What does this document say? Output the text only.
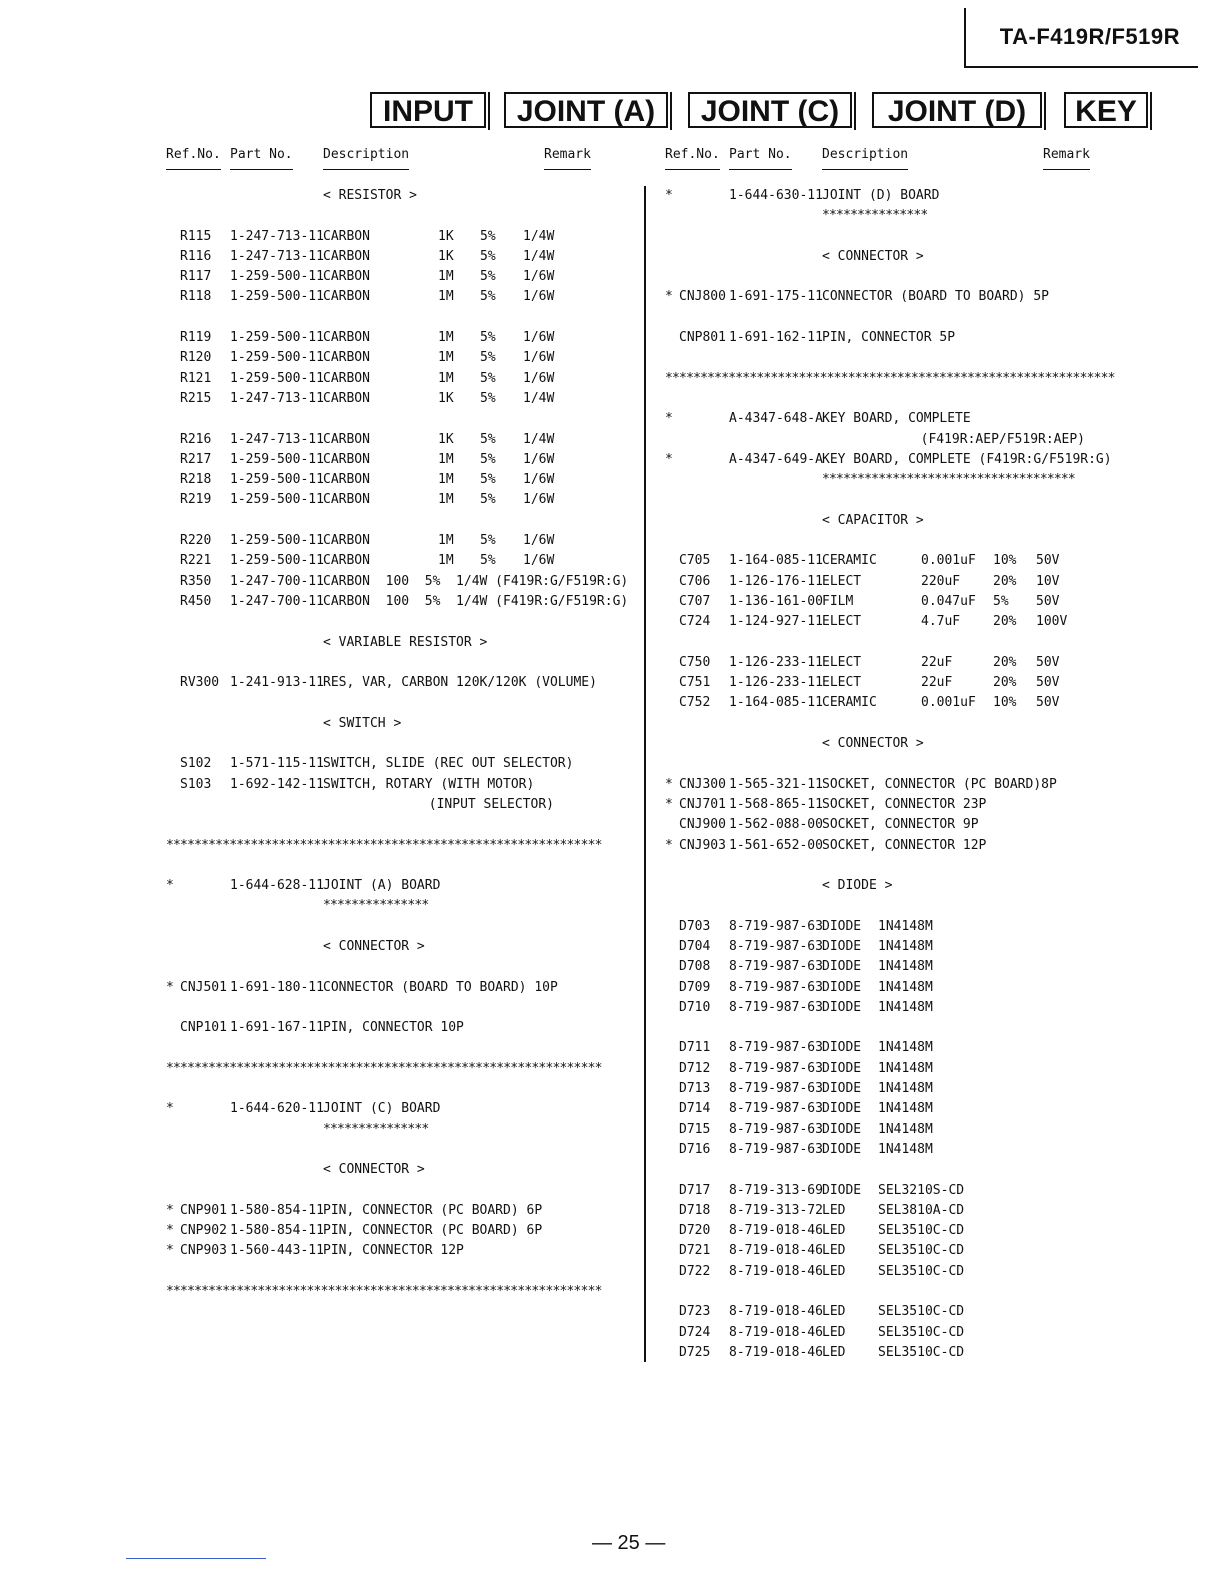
TA-F419R/F519R
INPUT	JOINT (A)	JOINT (C)	JOINT (D)	KEY
Ref.No. Part No. Description	Remark	Ref.No. Part No. Description	Remark
< RESISTOR >
R115 1-247-713-11 CARBON	1K 5% 1/4W
R116 1-247-713-11 CARBON	1K 5% 1/4W
R117 1-259-500-11 CARBON	1M 5% 1/6W
R118 1-259-500-11 CARBON	1M 5% 1/6W
R119 1-259-500-11 CARBON	1M 5% 1/6W
R120 1-259-500-11 CARBON	1M 5% 1/6W
R121 1-259-500-11 CARBON	1M 5% 1/6W
R215 1-247-713-11 CARBON	1K 5% 1/4W
R216 1-247-713-11 CARBON	1K 5% 1/4W
R217 1-259-500-11 CARBON	1M 5% 1/6W
R218 1-259-500-11 CARBON	1M 5% 1/6W
R219 1-259-500-11 CARBON	1M 5% 1/6W
R220 1-259-500-11 CARBON	1M 5% 1/6W
R221 1-259-500-11 CARBON	1M 5% 1/6W
R350 1-247-700-11 CARBON  100  5%  1/4W (F419R:G/F519R:G)
R450 1-247-700-11 CARBON  100  5%  1/4W (F419R:G/F519R:G)
< VARIABLE RESISTOR >
RV300 1-241-913-11 RES, VAR, CARBON 120K/120K (VOLUME)
< SWITCH >
S102 1-571-115-11 SWITCH, SLIDE (REC OUT SELECTOR)
S103 1-692-142-11 SWITCH, ROTARY (WITH MOTOR)
(INPUT SELECTOR)
**************************************************************
*	1-644-628-11 JOINT (A) BOARD
***************
< CONNECTOR >
* CNJ501 1-691-180-11 CONNECTOR (BOARD TO BOARD) 10P
CNP101 1-691-167-11 PIN, CONNECTOR 10P
**************************************************************
*	1-644-620-11 JOINT (C) BOARD
***************
< CONNECTOR >
* CNP901 1-580-854-11 PIN, CONNECTOR (PC BOARD) 6P
* CNP902 1-580-854-11 PIN, CONNECTOR (PC BOARD) 6P
* CNP903 1-560-443-11 PIN, CONNECTOR 12P
**************************************************************
*	1-644-630-11 JOINT (D) BOARD
***************
< CONNECTOR >
* CNJ800 1-691-175-11 CONNECTOR (BOARD TO BOARD) 5P
CNP801 1-691-162-11 PIN, CONNECTOR 5P
****************************************************************
*	A-4347-648-A KEY BOARD, COMPLETE
(F419R:AEP/F519R:AEP)
*	A-4347-649-A KEY BOARD, COMPLETE (F419R:G/F519R:G)
************************************
< CAPACITOR >
C705 1-164-085-11 CERAMIC	0.001uF 10% 50V
C706 1-126-176-11 ELECT	220uF	20% 10V
C707 1-136-161-00 FILM	0.047uF 5% 50V
C724 1-124-927-11 ELECT	4.7uF	20% 100V
C750 1-126-233-11 ELECT	22uF	20% 50V
C751 1-126-233-11 ELECT	22uF	20% 50V
C752 1-164-085-11 CERAMIC	0.001uF 10% 50V
< CONNECTOR >
* CNJ300 1-565-321-11 SOCKET, CONNECTOR (PC BOARD)8P
* CNJ701 1-568-865-11 SOCKET, CONNECTOR 23P
CNJ900 1-562-088-00 SOCKET, CONNECTOR 9P
* CNJ903 1-561-652-00 SOCKET, CONNECTOR 12P
< DIODE >
D703 8-719-987-63 DIODE 1N4148M
D704 8-719-987-63 DIODE 1N4148M
D708 8-719-987-63 DIODE 1N4148M
D709 8-719-987-63 DIODE 1N4148M
D710 8-719-987-63 DIODE 1N4148M
D711 8-719-987-63 DIODE 1N4148M
D712 8-719-987-63 DIODE 1N4148M
D713 8-719-987-63 DIODE 1N4148M
D714 8-719-987-63 DIODE 1N4148M
D715 8-719-987-63 DIODE 1N4148M
D716 8-719-987-63 DIODE 1N4148M
D717 8-719-313-69 DIODE SEL3210S-CD
D718 8-719-313-72 LED	SEL3810A-CD
D720 8-719-018-46 LED	SEL3510C-CD
D721 8-719-018-46 LED	SEL3510C-CD
D722 8-719-018-46 LED	SEL3510C-CD
D723 8-719-018-46 LED	SEL3510C-CD
D724 8-719-018-46 LED	SEL3510C-CD
D725 8-719-018-46 LED	SEL3510C-CD
— 25 —
